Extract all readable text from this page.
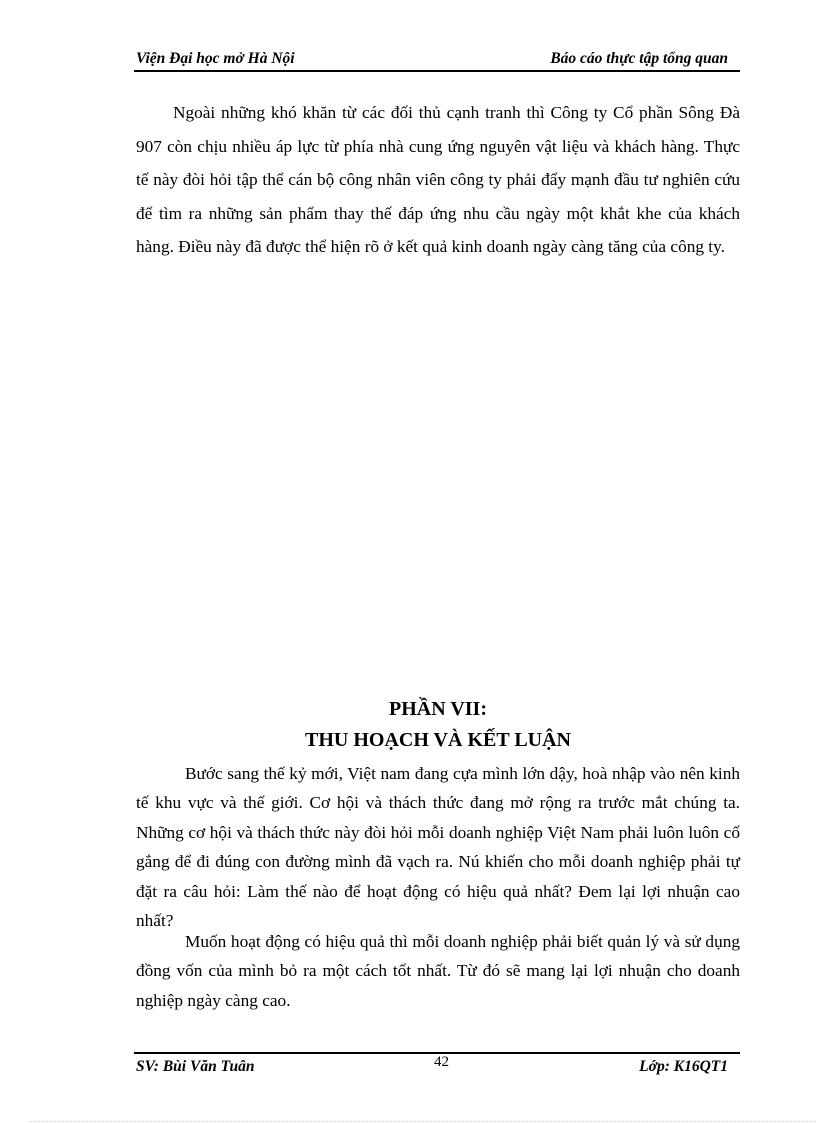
Viện Đại học mở Hà Nội	Báo cáo thực tập tổng quan

Ngoài những khó khăn từ các đối thủ cạnh tranh thì Công ty Cổ phần Sông Đà 907 còn chịu nhiều áp lực từ phía nhà cung ứng nguyên vật liệu và khách hàng. Thực tế này đòi hỏi tập thể cán bộ công nhân viên công ty phải đẩy mạnh đầu tư nghiên cứu để tìm ra những sản phẩm thay thế đáp ứng nhu cầu ngày một khắt khe của khách hàng. Điều này đã được thể hiện rõ ở kết quả kinh doanh ngày càng tăng của công ty.

PHẦN VII:
THU HOẠCH VÀ KẾT LUẬN

Bước sang thế kỷ mới, Việt nam đang cựa mình lớn dậy, hoà nhập vào nên kinh tế khu vực và thế giới. Cơ hội và thách thức đang mở rộng ra trước mắt chúng ta. Những cơ hội và thách thức này đòi hỏi mỗi doanh nghiệp Việt Nam phải luôn luôn cố gắng để đi đúng con đường mình đã vạch ra. Nú khiến cho mỗi doanh nghiệp phải tự đặt ra câu hỏi: Làm thế nào để hoạt động có hiệu quả nhất? Đem lại lợi nhuận cao nhất?

Muốn hoạt động có hiệu quả thì mỗi doanh nghiệp phải biết quản lý và sử dụng đồng vốn của mình bỏ ra một cách tốt nhất. Từ đó sẽ mang lại lợi nhuận cho doanh nghiệp ngày càng cao.

SV: Bùi Văn Tuân	42	Lớp: K16QT1
